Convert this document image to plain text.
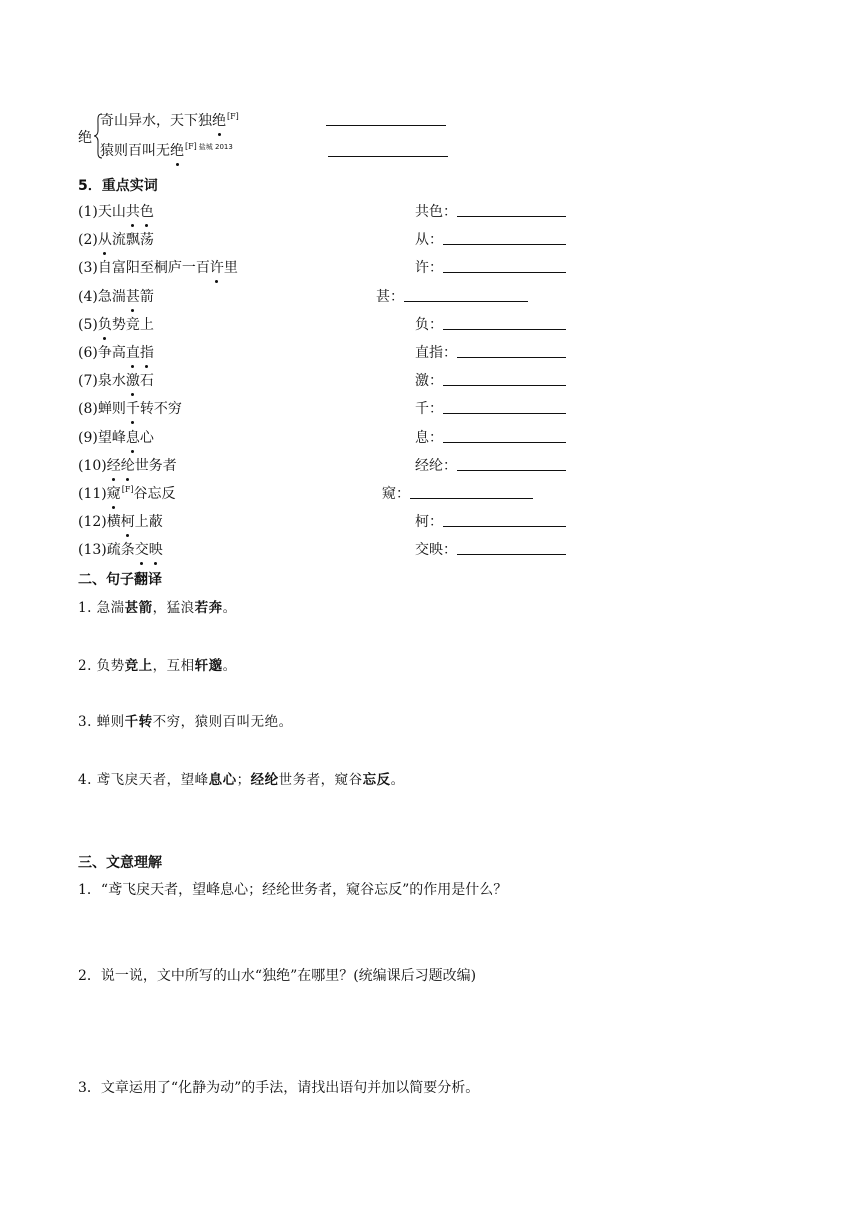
绝
奇山异水，天下独绝[F]
猿则百叫无绝[F] $^{盐城 2013}$
5．重点实词
(1)天山共色	共色：
(2)从流飘荡	从：
(3)自富阳至桐庐一百许里	许：
(4)急湍甚箭	甚：
(5)负势竞上	负：
(6)争高直指	直指：
(7)泉水激石	激：
(8)蝉则千转不穷	千：
(9)望峰息心	息：
(10)经纶世务者	经纶：
(11)窥[F]谷忘反	窥：
(12)横柯上蔽	柯：
(13)疏条交映	交映：
二、句子翻译
1. 急湍甚箭，猛浪若奔。
2. 负势竞上，互相轩邈。
3. 蝉则千转不穷，猿则百叫无绝。
4. 鸢飞戾天者，望峰息心；经纶世务者，窥谷忘反。
三、文意理解
1．“鸢飞戾天者，望峰息心；经纶世务者，窥谷忘反”的作用是什么？
2．说一说，文中所写的山水“独绝”在哪里？(统编课后习题改编)
3．文章运用了“化静为动”的手法，请找出语句并加以简要分析。
